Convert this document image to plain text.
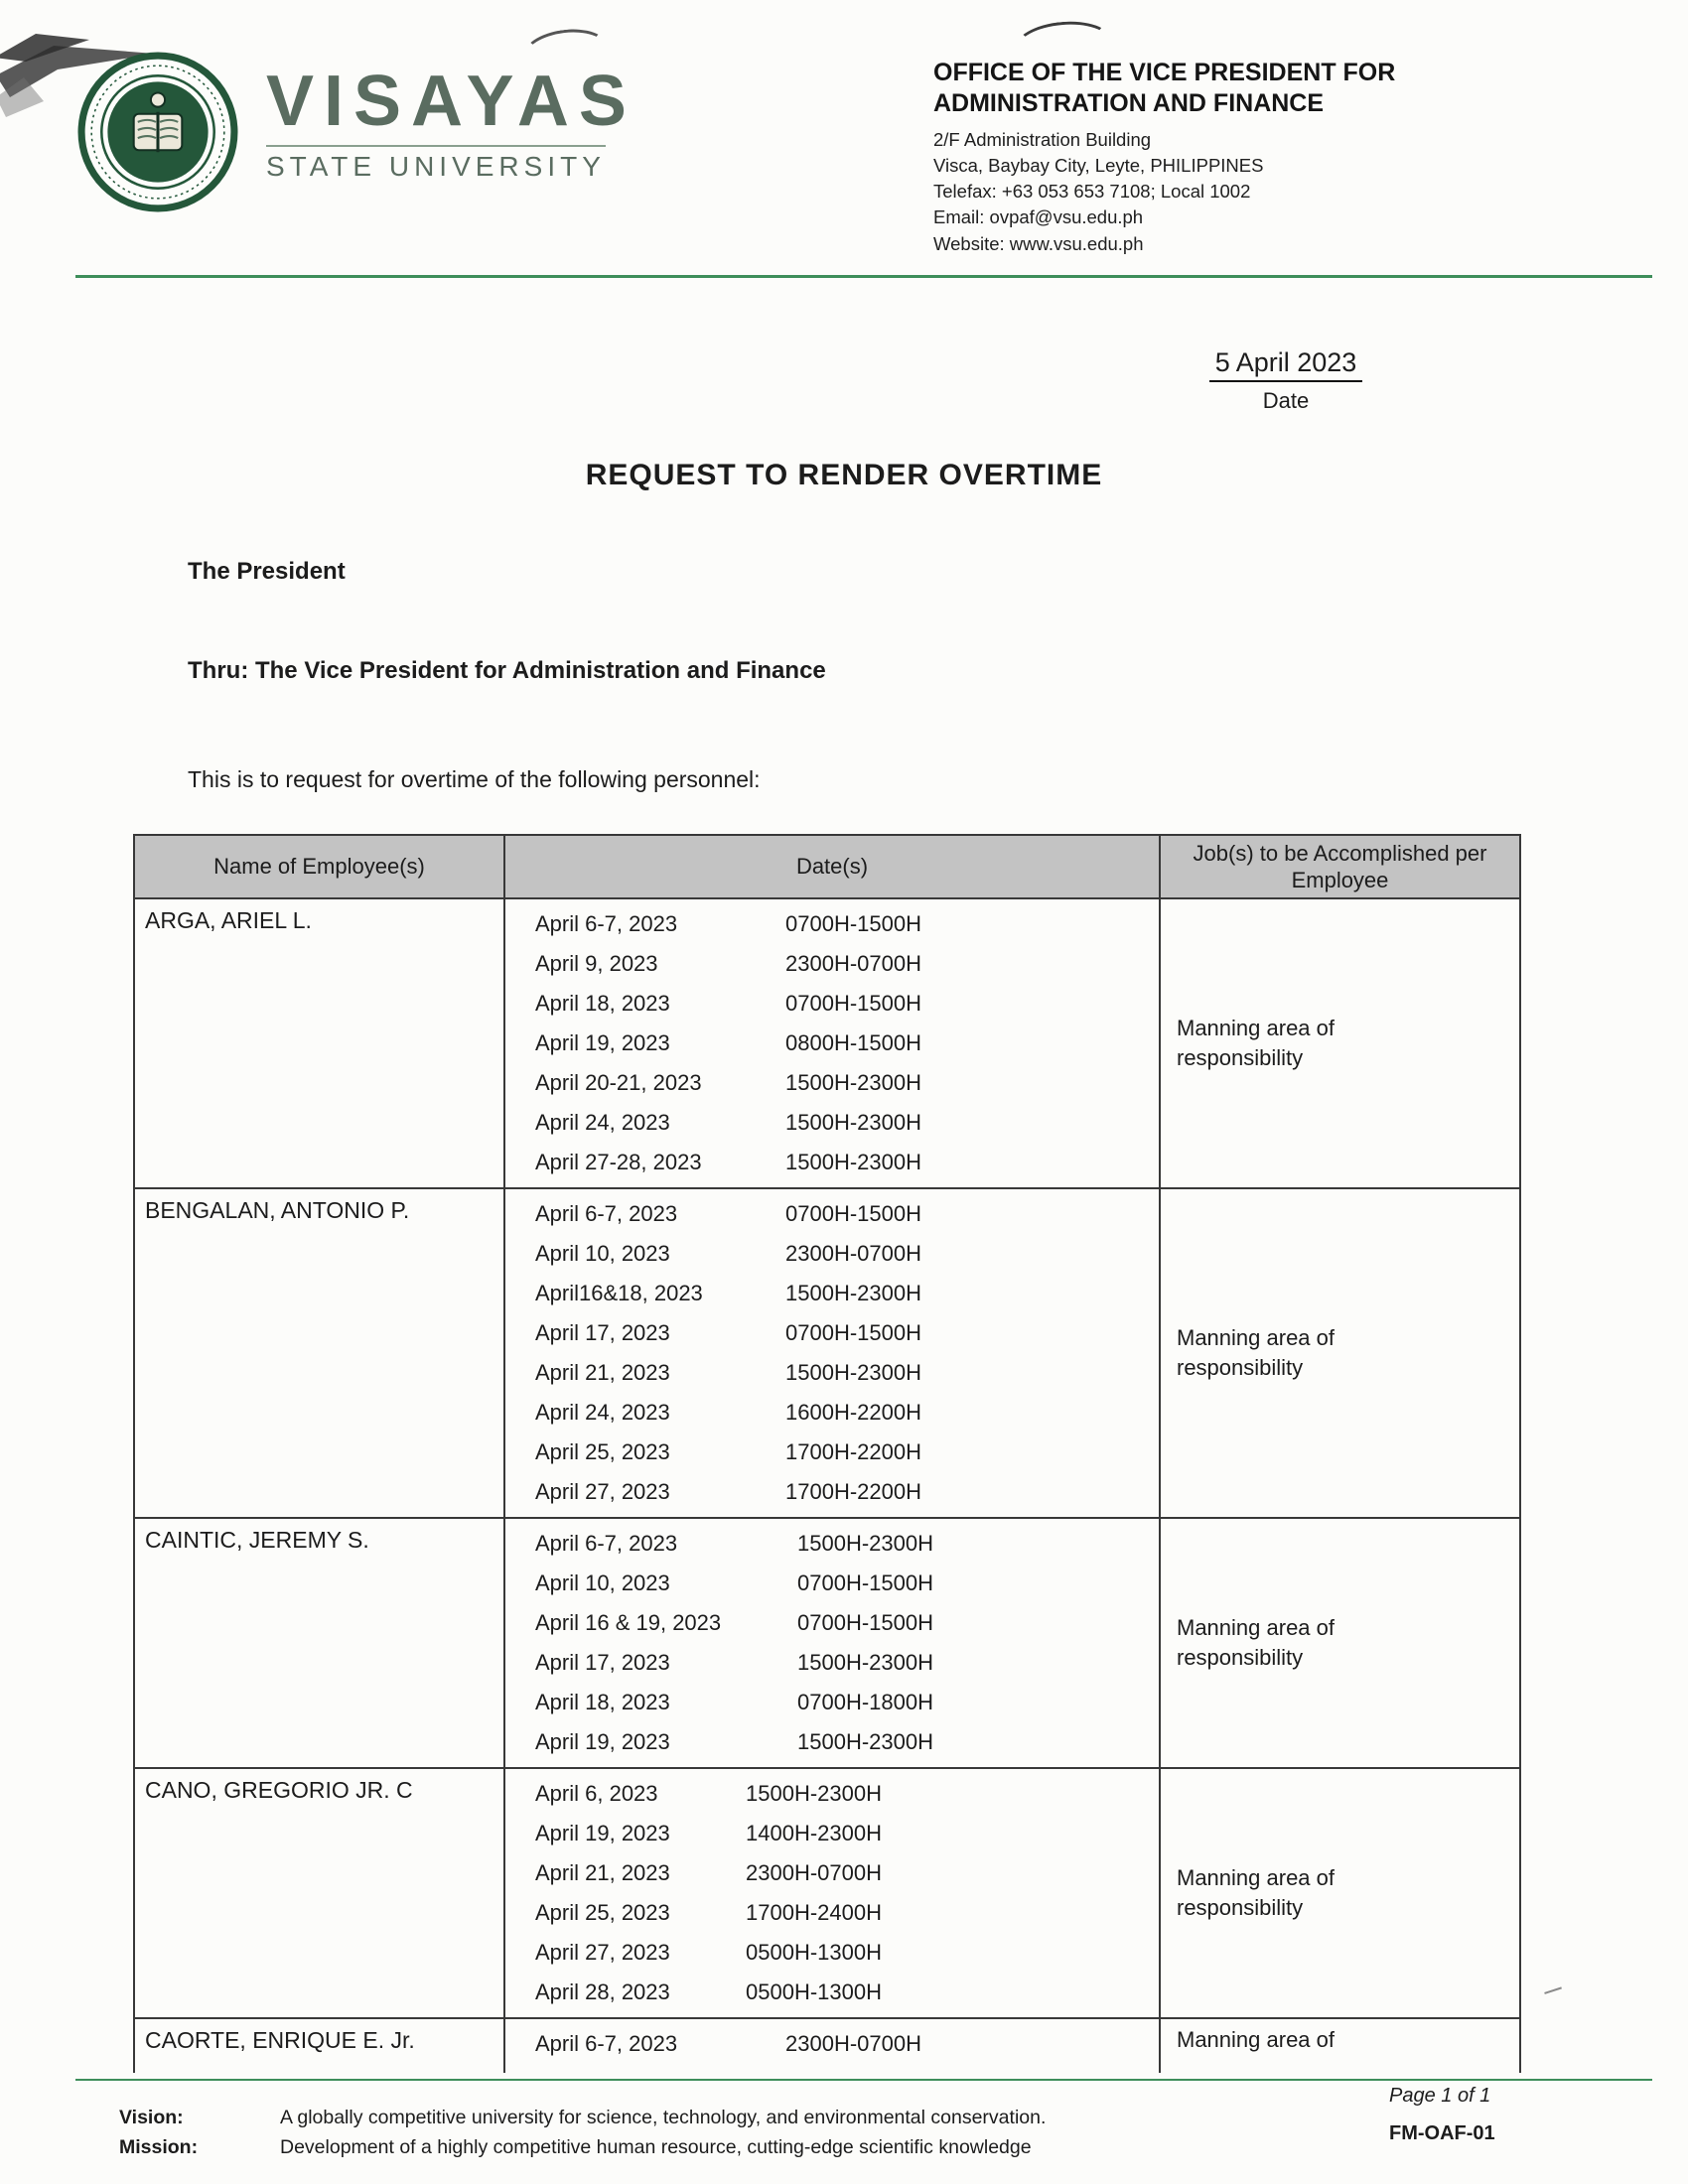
VISAYAS
STATE UNIVERSITY
OFFICE OF THE VICE PRESIDENT FOR
ADMINISTRATION AND FINANCE
2/F Administration Building
Visca, Baybay City, Leyte, PHILIPPINES
Telefax: +63 053 653 7108; Local 1002
Email: ovpaf@vsu.edu.ph
Website: www.vsu.edu.ph
5 April 2023
Date
REQUEST TO RENDER OVERTIME
The President
Thru: The Vice President for Administration and Finance
This is to request for overtime of the following personnel:
Name of Employee(s)	Date(s)	Job(s) to be Accomplished per Employee
ARGA, ARIEL L.	April 6-7, 2023	0700H-1500H
April 9, 2023	2300H-0700H
April 18, 2023	0700H-1500H
April 19, 2023	0800H-1500H
April 20-21, 2023	1500H-2300H
April 24, 2023	1500H-2300H
April 27-28, 2023	1500H-2300H

Manning area of responsibility

BENGALAN, ANTONIO P.	April 6-7, 2023	0700H-1500H
April 10, 2023	2300H-0700H
April16&18, 2023	1500H-2300H
April 17, 2023	0700H-1500H
April 21, 2023	1500H-2300H
April 24, 2023	1600H-2200H
April 25, 2023	1700H-2200H
April 27, 2023	1700H-2200H

Manning area of responsibility

CAINTIC, JEREMY S.	April 6-7, 2023	1500H-2300H
April 10, 2023	0700H-1500H
April 16 & 19, 2023	0700H-1500H
April 17, 2023	1500H-2300H
April 18, 2023	0700H-1800H
April 19, 2023	1500H-2300H

Manning area of responsibility

CANO, GREGORIO JR. C	April 6, 2023	1500H-2300H
April 19, 2023	1400H-2300H
April 21, 2023	2300H-0700H
April 25, 2023	1700H-2400H
April 27, 2023	0500H-1300H
April 28, 2023	0500H-1300H

Manning area of responsibility

CAORTE, ENRIQUE E. Jr.	April 6-7, 2023 2300H-0700H	Manning area of
Page 1 of 1
FM-OAF-01
Vision:	A globally competitive university for science, technology, and environmental conservation.
Mission:	Development of a highly competitive human resource, cutting-edge scientific knowledge
